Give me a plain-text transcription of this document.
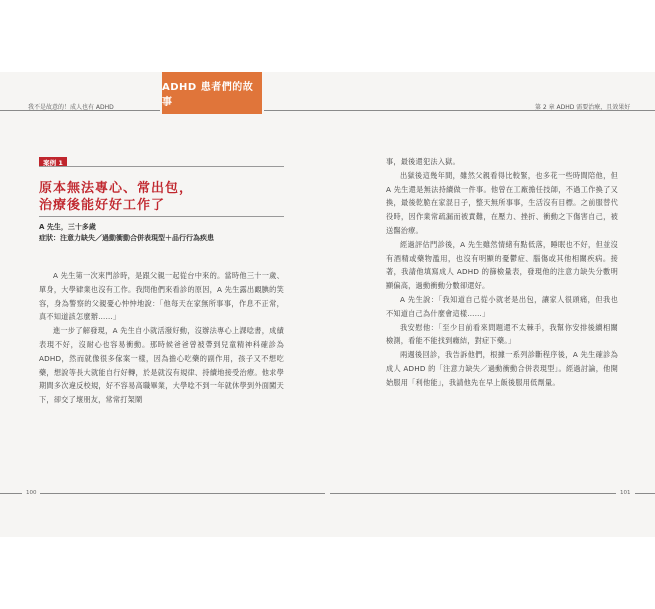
我不是故意的！成人也有 ADHD	第 2 章 ADHD 需要治療，且效果好
ADHD 患者們的故事
案例 1
原本無法專心、常出包，
治療後能好好工作了
A 先生，三十多歲
症狀：注意力缺失／過動衝動合併表現型＋品行行為疾患

A 先生第一次來門診時，是跟父親一起從台中來的。當時他三十一歲、單身，大學肄業也沒有工作。我問他們來看診的原因，A 先生露出靦腆的笑容，身為警察的父親憂心忡忡地說：「他每天在家無所事事，作息不正常，真不知道該怎麼辦……」

進一步了解發現，A 先生自小就活潑好動，沒辦法專心上課唸書，成績表現不好，沒耐心也容易衝動。那時候爸爸曾被帶到兒童精神科確診為 ADHD，然而就像很多傢案一樣，因為擔心吃藥的副作用，孩子又不想吃藥，想說等長大就能自行好轉，於是就沒有規律、持續地接受治療。他求學期間多次違反校規，好不容易高職畢業，大學唸不到一年就休學到外面闖天下，卻交了壞朋友，常常打架鬧

事，最後還犯法入獄。

出獄後這幾年間，雖然父親看得比較緊，也多花一些時間陪他，但 A 先生還是無法持續做一件事。他曾在工廠擔任技師，不過工作換了又換，最後乾脆在家混日子，整天無所事事，生活沒有目標。之前服替代役時，因作業常疏漏而被責難，在壓力、挫折、衝動之下傷害自己，被送醫治療。

經過評估門診後，A 先生雖然情緒有點低落，睡眠也不好，但並沒有酒精或藥物濫用，也沒有明顯的憂鬱症、腦傷或其他相關疾病。接著，我請他填寫成人 ADHD 的篩檢量表，發現他的注意力缺失分數明顯偏高，過動衝動分數卻還好。

A 先生說：「我知道自己從小就老是出包，讓家人很頭痛，但我也不知道自己為什麼會這樣……」

我安慰他：「至少目前看來問題還不太棘手，我幫你安排後續相關檢測，看能不能找到癥結，對症下藥。」

兩週後回診，我告訴他們，根據一系列診斷程序後，A 先生確診為成人 ADHD 的「注意力缺失／過動衝動合併表現型」。經過討論，他開始服用「利他能」，我請他先在早上飯後服用低劑量。

100	101
